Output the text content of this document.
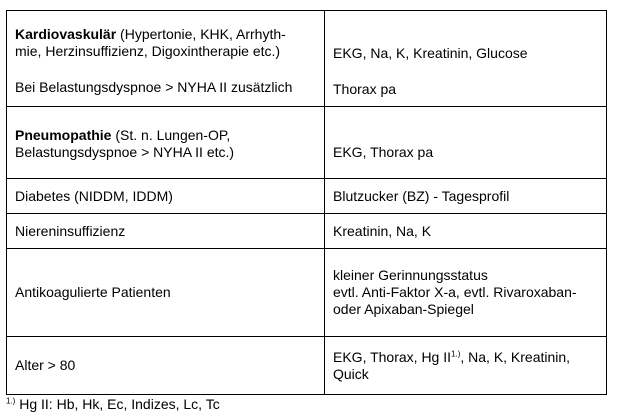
Kardiovaskulär (Hypertonie, KHK, Arrhyth-
mie, Herzinsuffizienz, Digoxintherapie etc.)
Bei Belastungsdyspnoe > NYHA II zusätzlich	EKG, Na, K, Kreatinin, Glucose
Thorax pa

Pneumopathie (St. n. Lungen-OP,
Belastungsdyspnoe > NYHA II etc.)	EKG, Thorax pa

Diabetes (NIDDM, IDDM)	Blutzucker (BZ) - Tagesprofil
Niereninsuffizienz	Kreatinin, Na, K
Antikoagulierte Patienten	kleiner Gerinnungsstatus
evtl. Anti-Faktor X-a, evtl. Rivaroxaban-
oder Apixaban-Spiegel

Alter > 80	EKG, Thorax, Hg $II^{1.)}$, Na, K, Kreatinin,
Quick
$^{1.)}$ Hg II: Hb, Hk, Ec, Indizes, Lc, Tc
